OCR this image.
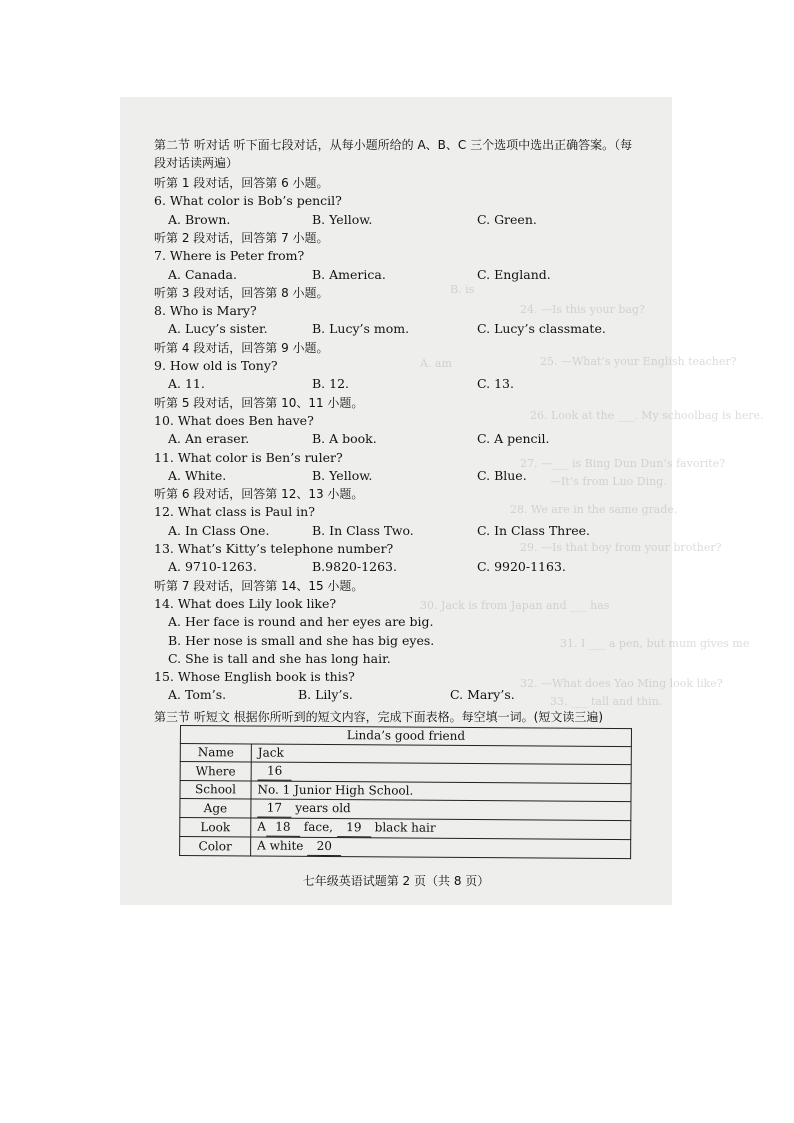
A. am
B. is
24. —Is this your bag?
25. —What’s your English teacher?
26. Look at the ___. My schoolbag is here.
27. —___ is Bing Dun Dun’s favorite?
—It’s from Luo Ding.
28. We are in the same grade.
29. —Is that boy from your brother?
30. Jack is from Japan and ___ has
31. I ___ a pen, but mum gives me
32. —What does Yao Ming look like?
33. ___ tall and thin.
第二节 听对话 听下面七段对话，从每小题所给的 A、B、C 三个选项中选出正确答案。（每
段对话读两遍）
听第 1 段对话，回答第 6 小题。
6. What color is Bob’s pencil?
A. Brown.	B. Yellow.	C. Green.
听第 2 段对话，回答第 7 小题。
7. Where is Peter from?
A. Canada.	B. America.	C. England.
听第 3 段对话，回答第 8 小题。
8. Who is Mary?
A. Lucy’s sister.	B. Lucy’s mom.	C. Lucy’s classmate.
听第 4 段对话，回答第 9 小题。
9. How old is Tony?
A. 11.	B. 12.	C. 13.
听第 5 段对话，回答第 10、11 小题。
10. What does Ben have?
A. An eraser.	B. A book.	C. A pencil.
11. What color is Ben’s ruler?
A. White.	B. Yellow.	C. Blue.
听第 6 段对话，回答第 12、13 小题。
12. What class is Paul in?
A. In Class One.	B. In Class Two.	C. In Class Three.
13. What’s Kitty’s telephone number?
A. 9710-1263.	B.9820-1263.	C. 9920-1163.
听第 7 段对话，回答第 14、15 小题。
14. What does Lily look like?
A. Her face is round and her eyes are big.
B. Her nose is small and she has big eyes.
C. She is tall and she has long hair.
15. Whose English book is this?
A. Tom’s.	B. Lily’s.	C. Mary’s.
第三节 听短文 根据你所听到的短文内容，完成下面表格。每空填一词。(短文读三遍)
Linda’s good friend	
Name	Jack
Where	16
School	No. 1 Junior High School.
Age	17 years old
Look	A 18 face, 19 black hair
Color	A white 20
七年级英语试题第 2 页（共 8 页）
